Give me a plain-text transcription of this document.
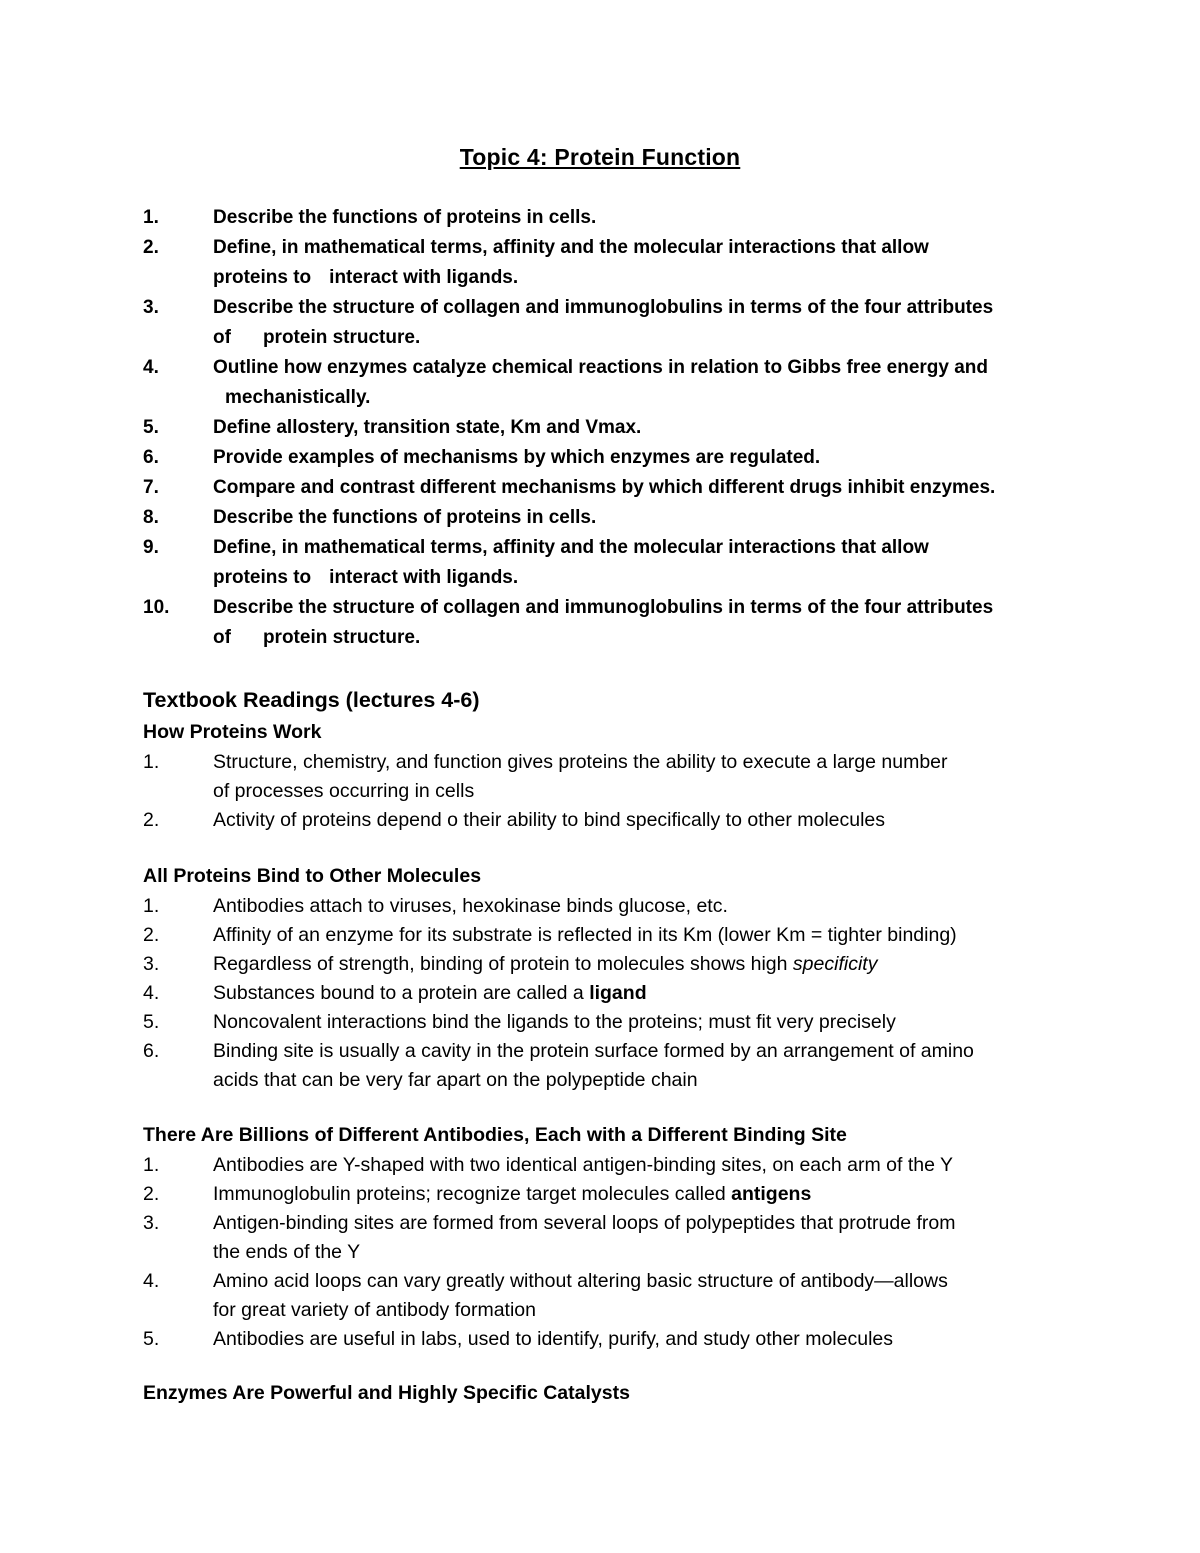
Topic 4: Protein Function
1.	Describe the functions of proteins in cells.
2.	Define, in mathematical terms, affinity and the molecular interactions that allow
proteins to interact with ligands.
3.	Describe the structure of collagen and immunoglobulins in terms of the four attributes
of protein structure.
4.	Outline how enzymes catalyze chemical reactions in relation to Gibbs free energy and
mechanistically.
5.	Define allostery, transition state, Km and Vmax.
6.	Provide examples of mechanisms by which enzymes are regulated.
7.	Compare and contrast different mechanisms by which different drugs inhibit enzymes.
8.	Describe the functions of proteins in cells.
9.	Define, in mathematical terms, affinity and the molecular interactions that allow
proteins to interact with ligands.
10. Describe the structure of collagen and immunoglobulins in terms of the four attributes
of protein structure.
Textbook Readings (lectures 4-6)
How Proteins Work
1.	Structure, chemistry, and function gives proteins the ability to execute a large number
of processes occurring in cells
2.	Activity of proteins depend o their ability to bind specifically to other molecules
All Proteins Bind to Other Molecules
1.	Antibodies attach to viruses, hexokinase binds glucose, etc.
2.	Affinity of an enzyme for its substrate is reflected in its Km (lower Km = tighter binding)
3.	Regardless of strength, binding of protein to molecules shows high specificity
4.	Substances bound to a protein are called a ligand
5.	Noncovalent interactions bind the ligands to the proteins; must fit very precisely
6.	Binding site is usually a cavity in the protein surface formed by an arrangement of amino
acids that can be very far apart on the polypeptide chain
There Are Billions of Different Antibodies, Each with a Different Binding Site
1.	Antibodies are Y-shaped with two identical antigen-binding sites, on each arm of the Y
2.	Immunoglobulin proteins; recognize target molecules called antigens
3.	Antigen-binding sites are formed from several loops of polypeptides that protrude from
the ends of the Y
4.	Amino acid loops can vary greatly without altering basic structure of antibody—allows
for great variety of antibody formation
5.	Antibodies are useful in labs, used to identify, purify, and study other molecules
Enzymes Are Powerful and Highly Specific Catalysts
